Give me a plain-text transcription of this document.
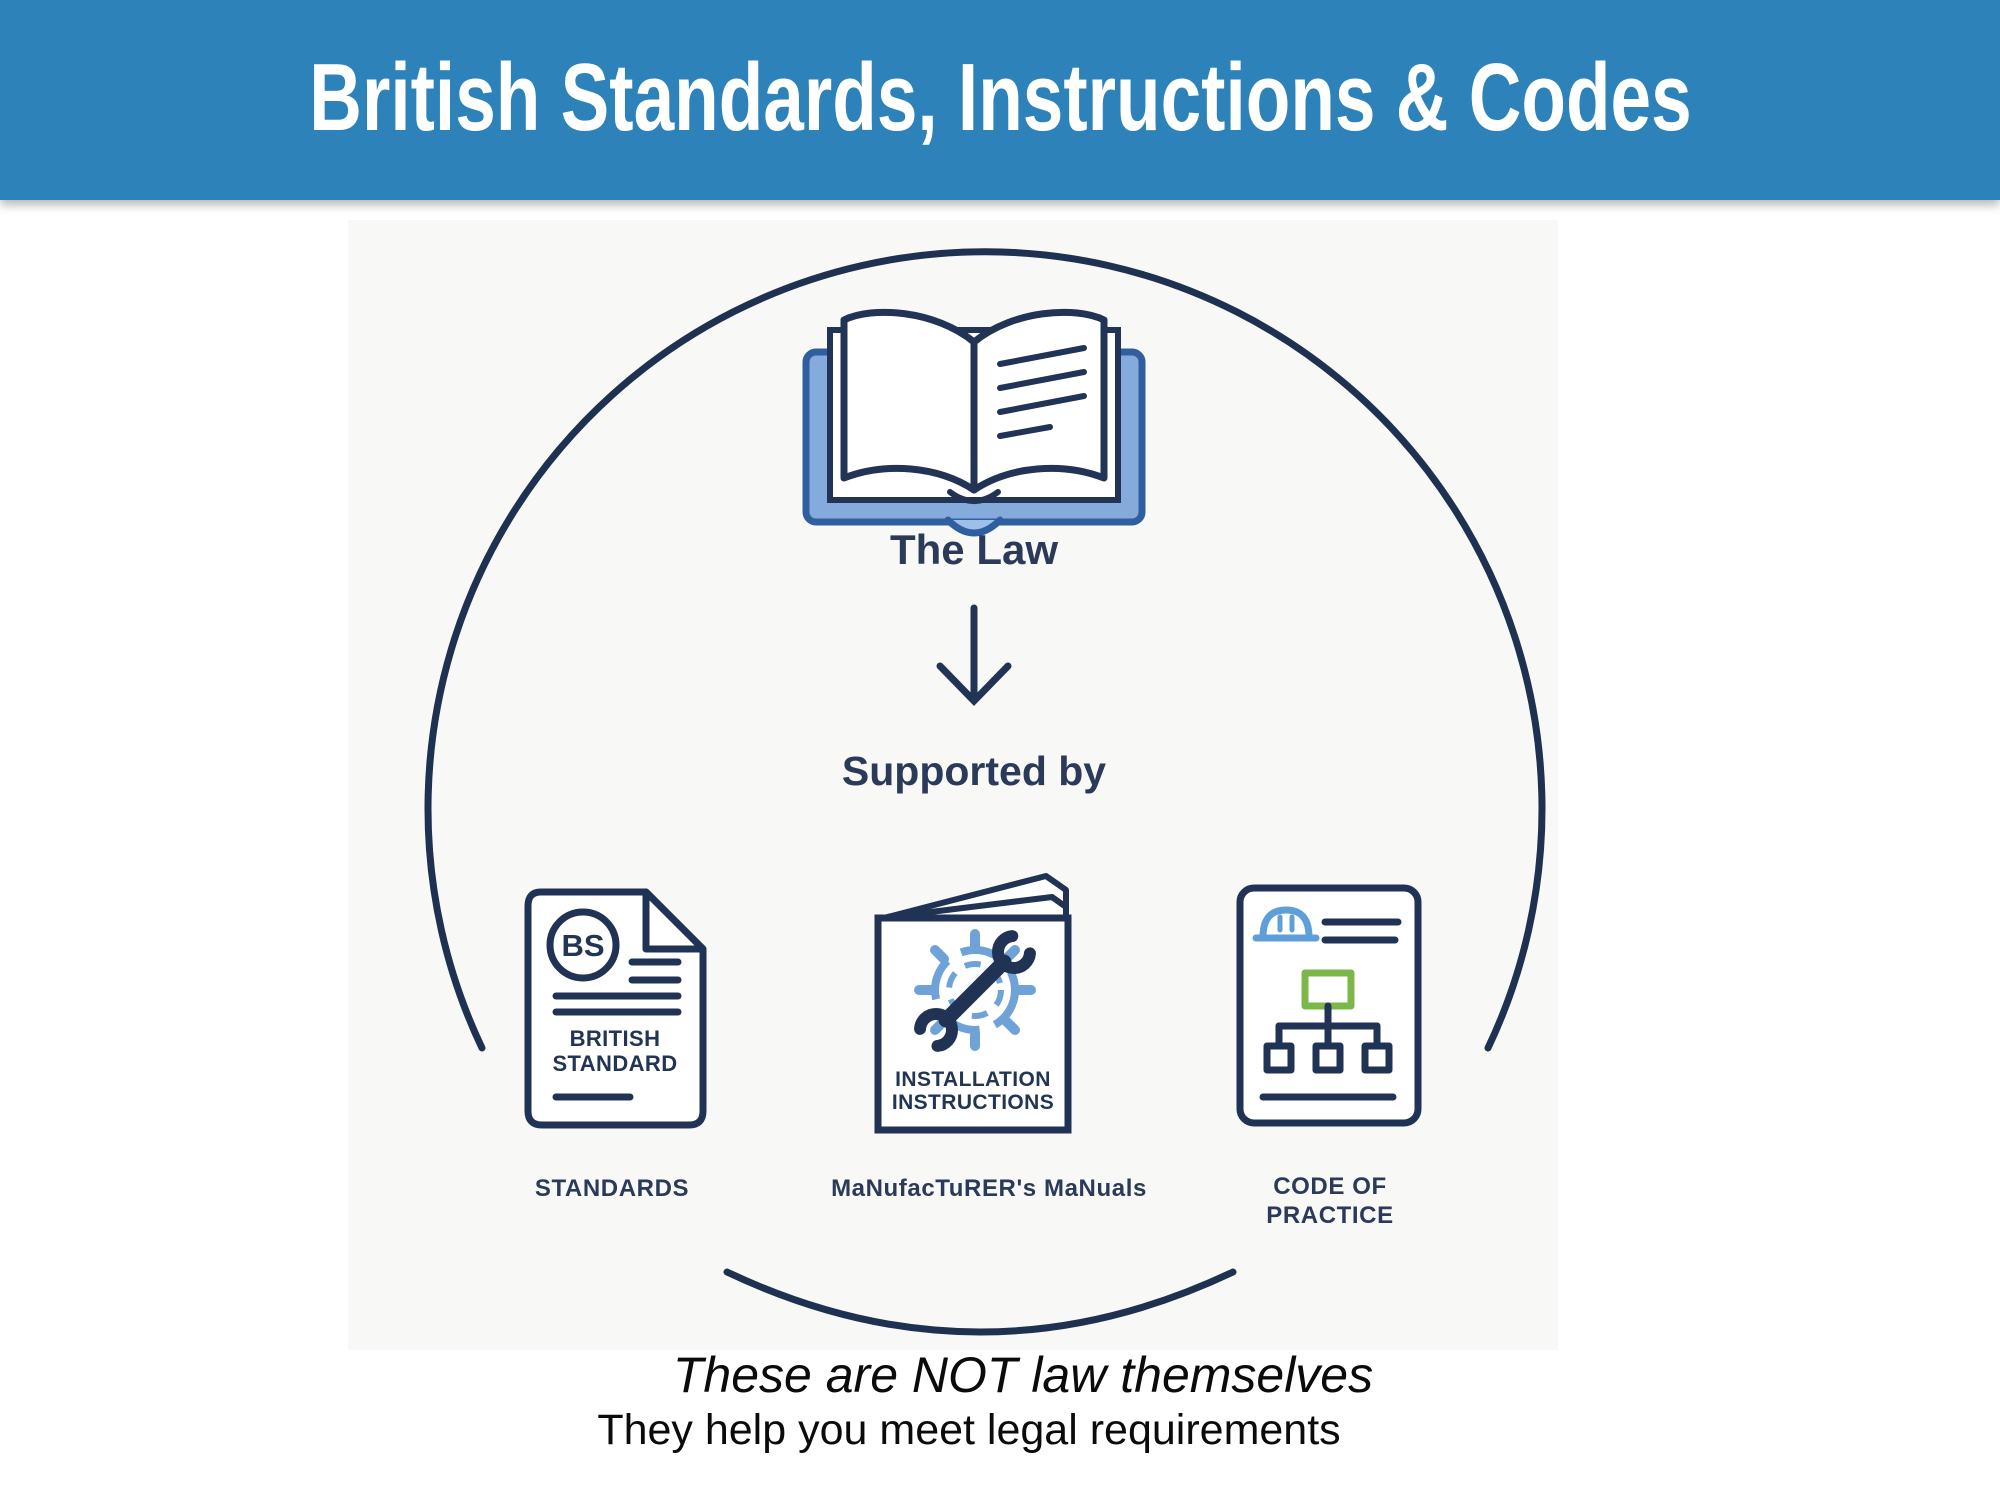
British Standards, Instructions & Codes
The Law
Supported by
BS
BRITISH
STANDARD
INSTALLATION
INSTRUCTIONS
STANDARDS	MaNufacTuRER's MaNuals	CODE OF
PRACTICE
These are NOT law themselves
They help you meet legal requirements
